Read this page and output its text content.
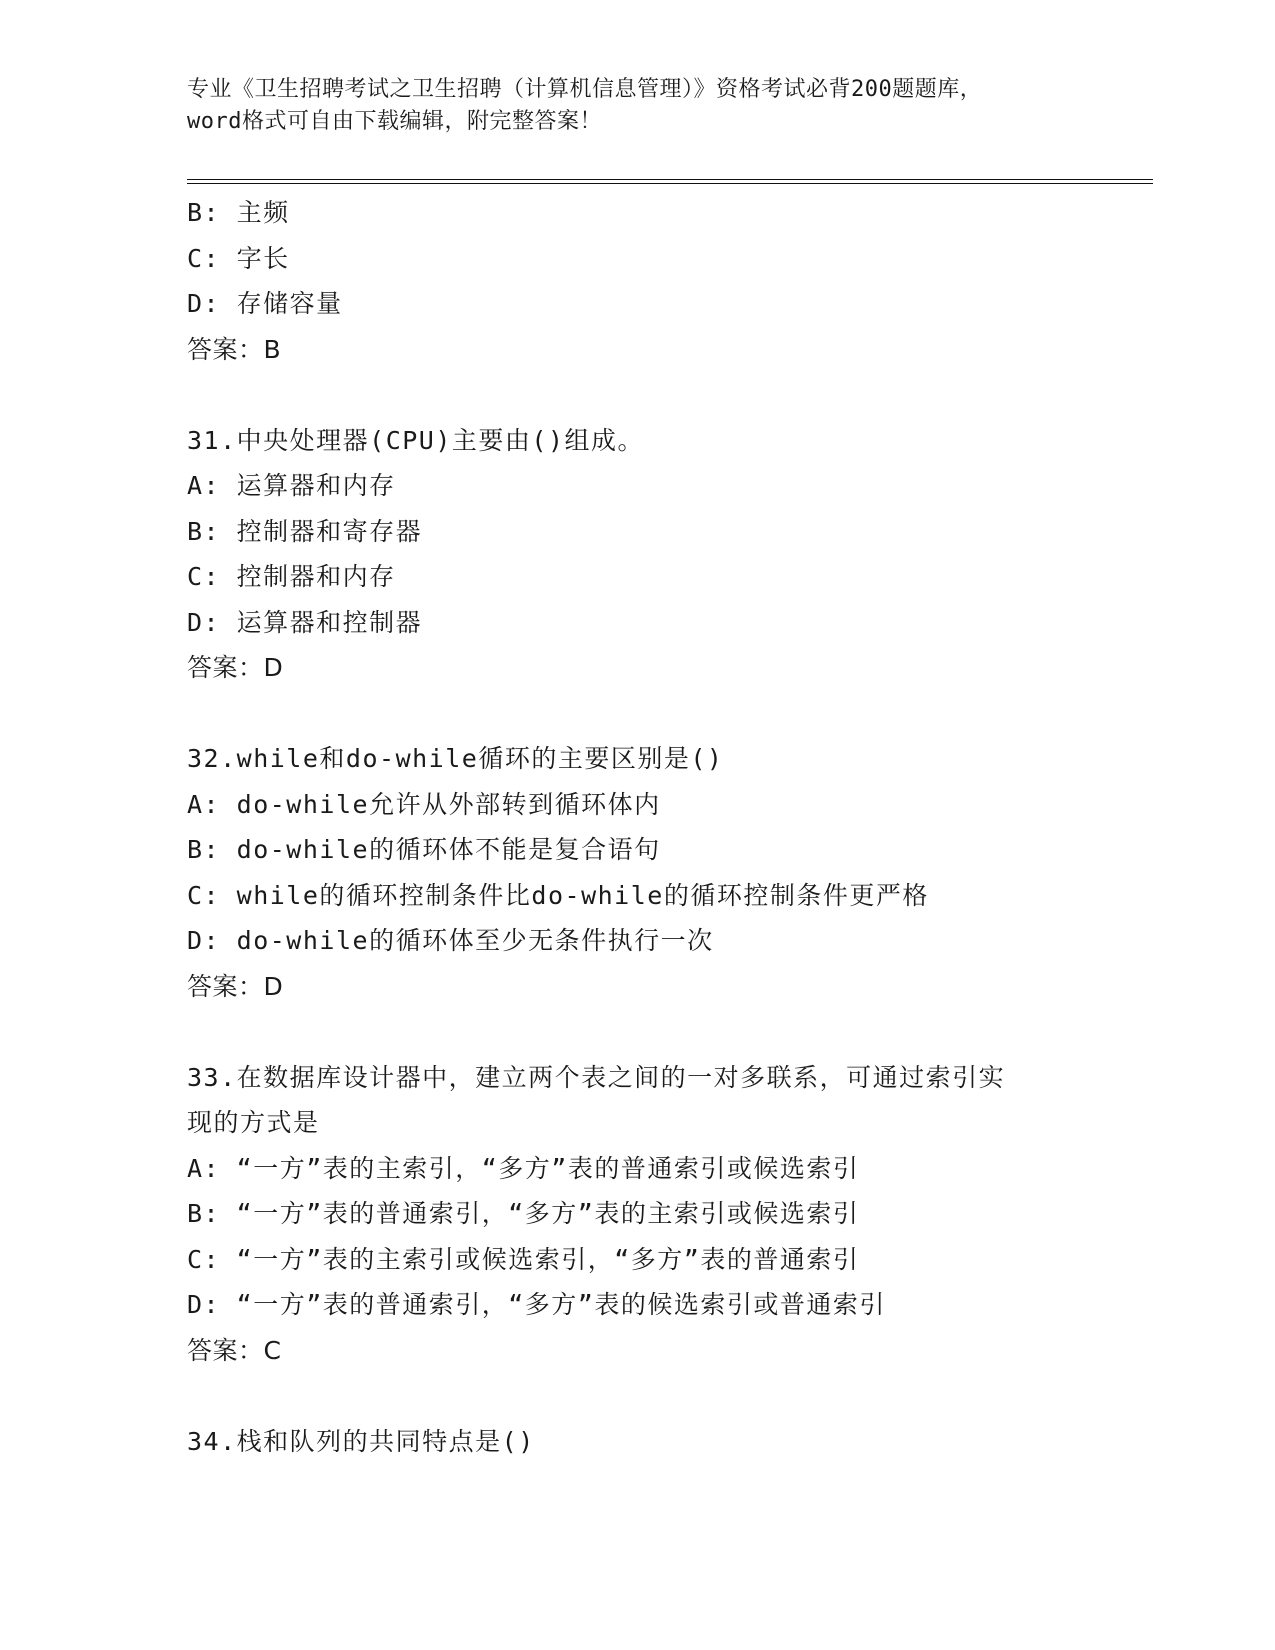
专业《卫生招聘考试之卫生招聘（计算机信息管理）》资格考试必背200题题库，
word格式可自由下载编辑，附完整答案！
B: 主频
C: 字长
D: 存储容量
答案：B
31.中央处理器(CPU)主要由()组成。
A: 运算器和内存
B: 控制器和寄存器
C: 控制器和内存
D: 运算器和控制器
答案：D
32.while和do-while循环的主要区别是()
A: do-while允许从外部转到循环体内
B: do-while的循环体不能是复合语句
C: while的循环控制条件比do-while的循环控制条件更严格
D: do-while的循环体至少无条件执行一次
答案：D
33.在数据库设计器中，建立两个表之间的一对多联系，可通过索引实
现的方式是
A: “一方”表的主索引，“多方”表的普通索引或候选索引
B: “一方”表的普通索引，“多方”表的主索引或候选索引
C: “一方”表的主索引或候选索引，“多方”表的普通索引
D: “一方”表的普通索引，“多方”表的候选索引或普通索引
答案：C
34.栈和队列的共同特点是()
